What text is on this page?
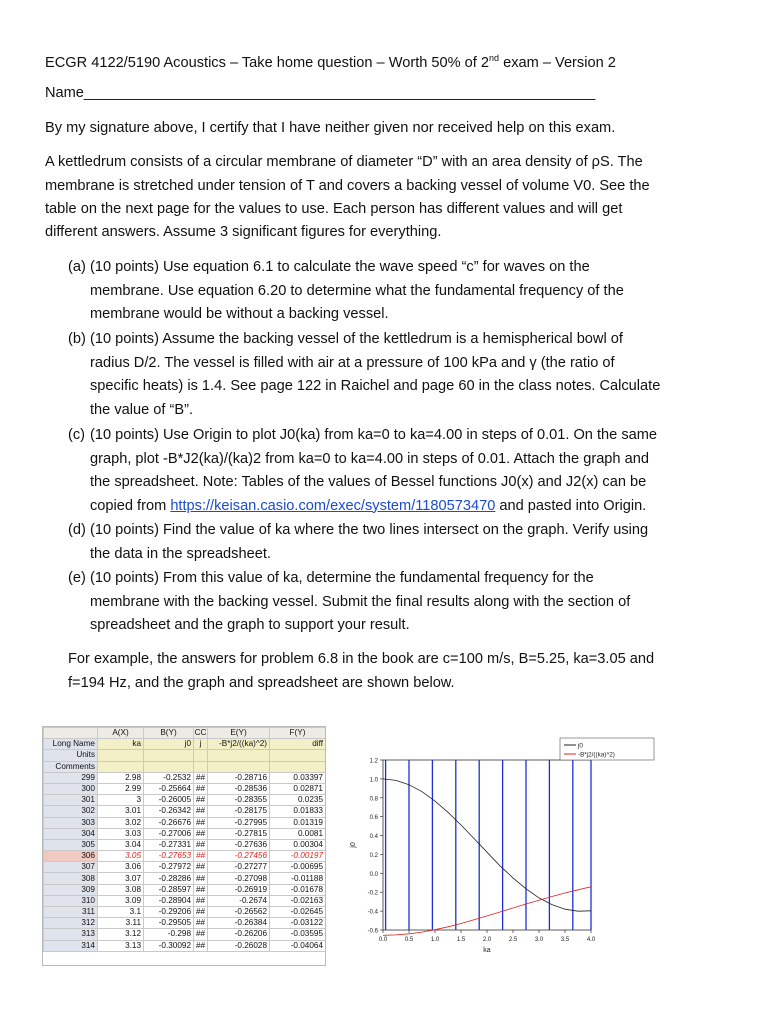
ECGR 4122/5190 Acoustics – Take home question – Worth 50% of 2nd exam – Version 2
Name_______________________________________________________________
By my signature above, I certify that I have neither given nor received help on this exam.
A kettledrum consists of a circular membrane of diameter “D” with an area density of ρS. The
membrane is stretched under tension of T and covers a backing vessel of volume V0. See the
table on the next page for the values to use. Each person has different values and will get
different answers. Assume 3 significant figures for everything.
(a) (10 points) Use equation 6.1 to calculate the wave speed “c” for waves on the
membrane. Use equation 6.20 to determine what the fundamental frequency of the
membrane would be without a backing vessel.
(b) (10 points) Assume the backing vessel of the kettledrum is a hemispherical bowl of
radius D/2. The vessel is filled with air at a pressure of 100 kPa and γ (the ratio of
specific heats) is 1.4. See page 122 in Raichel and page 60 in the class notes. Calculate
the value of “B”.
(c) (10 points) Use Origin to plot J0(ka) from ka=0 to ka=4.00 in steps of 0.01. On the same
graph, plot -B*J2(ka)/(ka)2 from ka=0 to ka=4.00 in steps of 0.01. Attach the graph and
the spreadsheet. Note: Tables of the values of Bessel functions J0(x) and J2(x) can be
copied from https://keisan.casio.com/exec/system/1180573470 and pasted into Origin.
(d) (10 points) Find the value of ka where the two lines intersect on the graph. Verify using
the data in the spreadsheet.
(e) (10 points) From this value of ka, determine the fundamental frequency for the
membrane with the backing vessel. Submit the final results along with the section of
spreadsheet and the graph to support your result.
For example, the answers for problem 6.8 in the book are c=100 m/s, B=5.25, ka=3.05 and
f=194 Hz, and the graph and spreadsheet are shown below.
	A(X)	B(Y)	CC	E(Y)	F(Y)
Long Name	ka	j0	j	-B*j2/((ka)^2)	diff
Units					
Comments					
299	2.98	-0.2532	##	-0.28716	0.03397
300	2.99	-0.25664	##	-0.28536	0.02871
301	3	-0.26005	##	-0.28355	0.0235
302	3.01	-0.26342	##	-0.28175	0.01833
303	3.02	-0.26676	##	-0.27995	0.01319
304	3.03	-0.27006	##	-0.27815	0.0081
305	3.04	-0.27331	##	-0.27636	0.00304
306	3.05	-0.27653	##	-0.27456	-0.00197
307	3.06	-0.27972	##	-0.27277	-0.00695
308	3.07	-0.28286	##	-0.27098	-0.01188
309	3.08	-0.28597	##	-0.26919	-0.01678
310	3.09	-0.28904	##	-0.2674	-0.02163
311	3.1	-0.29206	##	-0.26562	-0.02645
312	3.11	-0.29505	##	-0.26384	-0.03122
313	3.12	-0.298	##	-0.26206	-0.03595
314	3.13	-0.30092	##	-0.26028	-0.04064
-0.6
-0.4
-0.2
0.0
0.2
0.4
0.6
0.8
1.0
1.2
0.0	0.5	1.0	1.5	2.0	2.5	3.0	3.5	4.0
ka
j0
j0
-B*j2/((ka)^2)
